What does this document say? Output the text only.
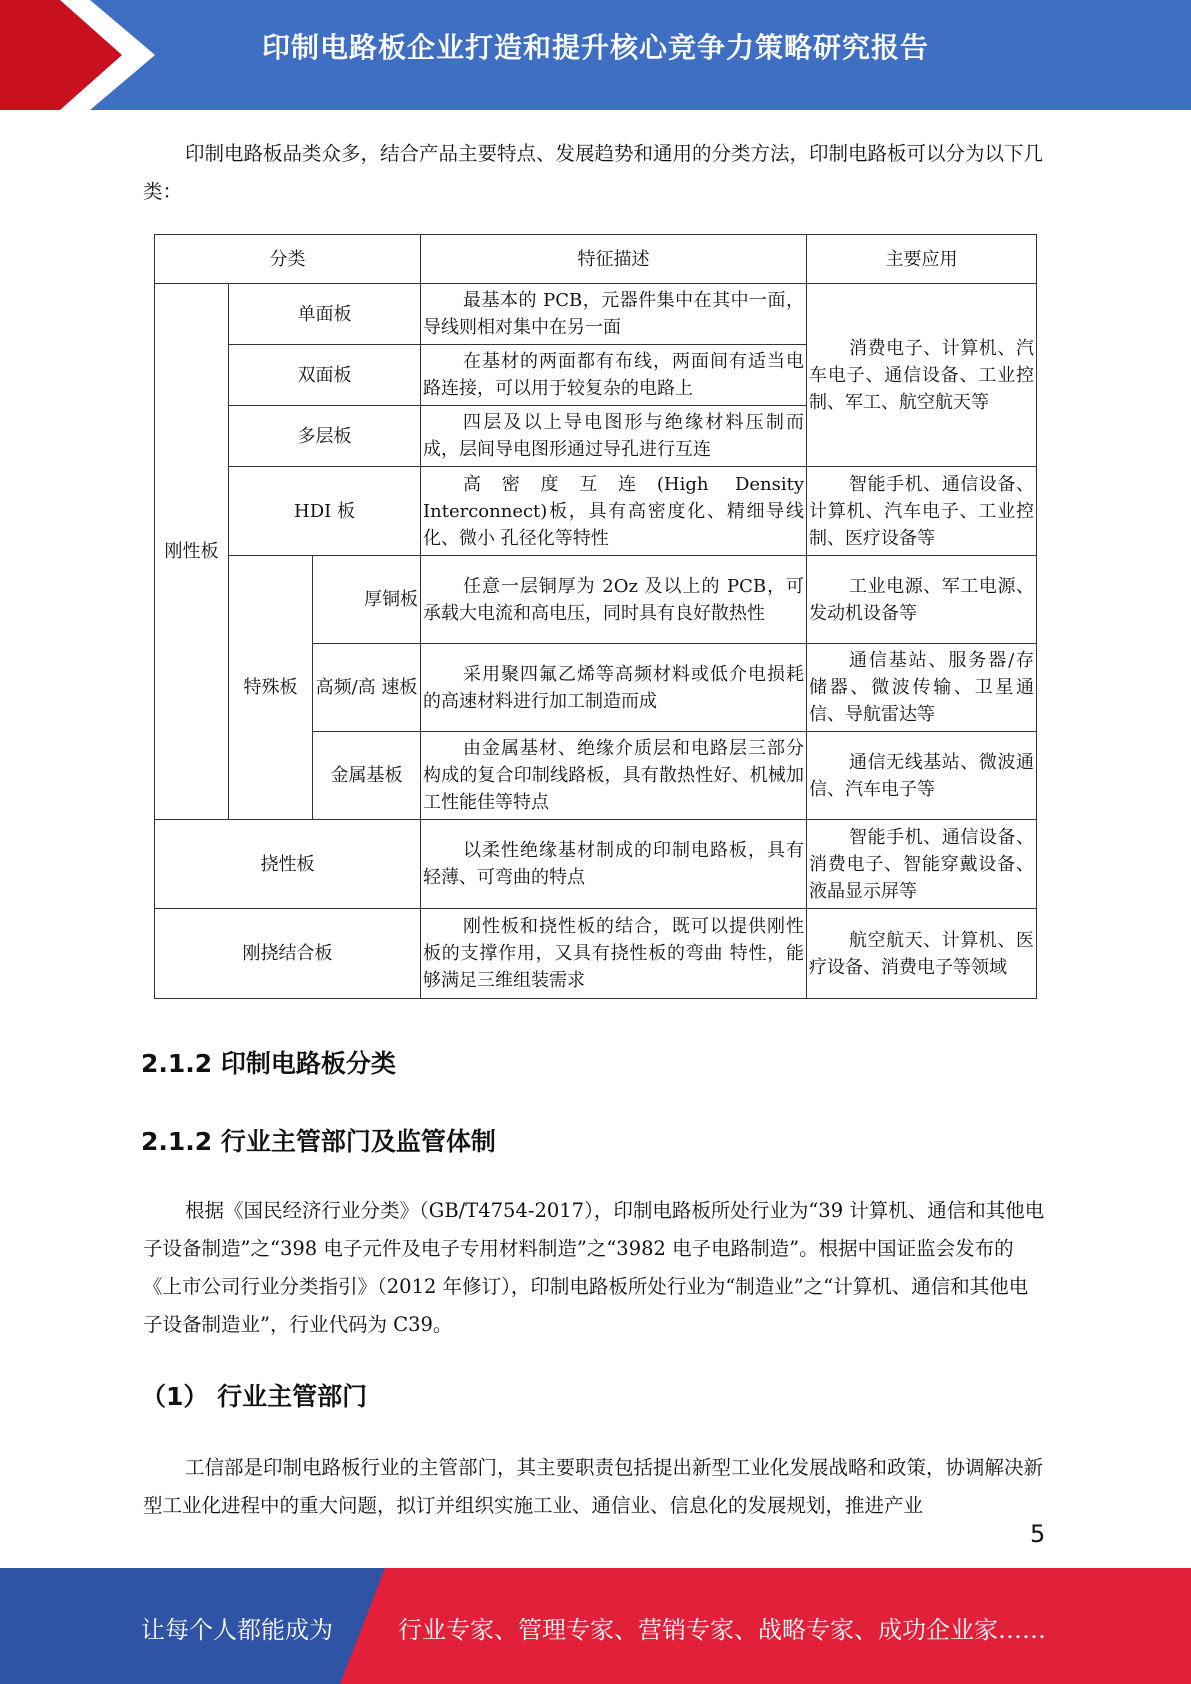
印制电路板企业打造和提升核心竞争力策略研究报告

印制电路板品类众多，结合产品主要特点、发展趋势和通用的分类方法，印制电路板可以分为以下几类：

分类			特征描述	主要应用
刚性板	单面板		最基本的 PCB，元器件集中在其中一面， 导线则相对集中在另一面	消费电子、计算机、汽 车电子、通信设备、工业控制、军工、航空航天等
	双面板		在基材的两面都有布线，两面间有适当电路连接，可以用于较复杂的电路上	
	多层板		四层及以上导电图形与绝缘材料压制而成，层间导电图形通过导孔进行互连	
	HDI 板		高密度互连(High Density Interconnect)板，具有高密度化、精细导线化、微小 孔径化等特性	智能手机、通信设备、计算机、汽车电子、工业控制、医疗设备等
	特殊板	厚铜板	任意一层铜厚为 2Oz 及以上的 PCB，可 承载大电流和高电压，同时具有良好散热性	工业电源、军工电源、发动机设备等
		高频/高 速板	采用聚四氟乙烯等高频材料或低介电损耗的高速材料进行加工制造而成	通信基站、服务器/存储器、微波传输、卫星通信、导航雷达等
		金属基板	由金属基材、绝缘介质层和电路层三部分构成的复合印制线路板，具有散热性好、机械加工性能佳等特点	通信无线基站、微波通 信、汽车电子等
挠性板			以柔性绝缘基材制成的印制电路板，具有轻薄、可弯曲的特点	智能手机、通信设备、消费电子、智能穿戴设备、液晶显示屏等
刚挠结合板			刚性板和挠性板的结合，既可以提供刚性板的支撑作用，又具有挠性板的弯曲 特性，能够满足三维组装需求	航空航天、计算机、医 疗设备、消费电子等领域
2.1.2 印制电路板分类
2.1.2 行业主管部门及监管体制

根据《国民经济行业分类》（GB/T4754-2017），印制电路板所处行业为“39 计算机、通信和其他电子设备制造”之“398 电子元件及电子专用材料制造”之“3982 电子电路制造”。根据中国证监会发布的《上市公司行业分类指引》（2012 年修订），印制电路板所处行业为“制造业”之“计算机、通信和其他电子设备制造业”，行业代码为 C39。

（1） 行业主管部门

工信部是印制电路板行业的主管部门，其主要职责包括提出新型工业化发展战略和政策，协调解决新型工业化进程中的重大问题，拟订并组织实施工业、通信业、信息化的发展规划，推进产业

5
让每个人都能成为	行业专家、管理专家、营销专家、战略专家、成功企业家……
